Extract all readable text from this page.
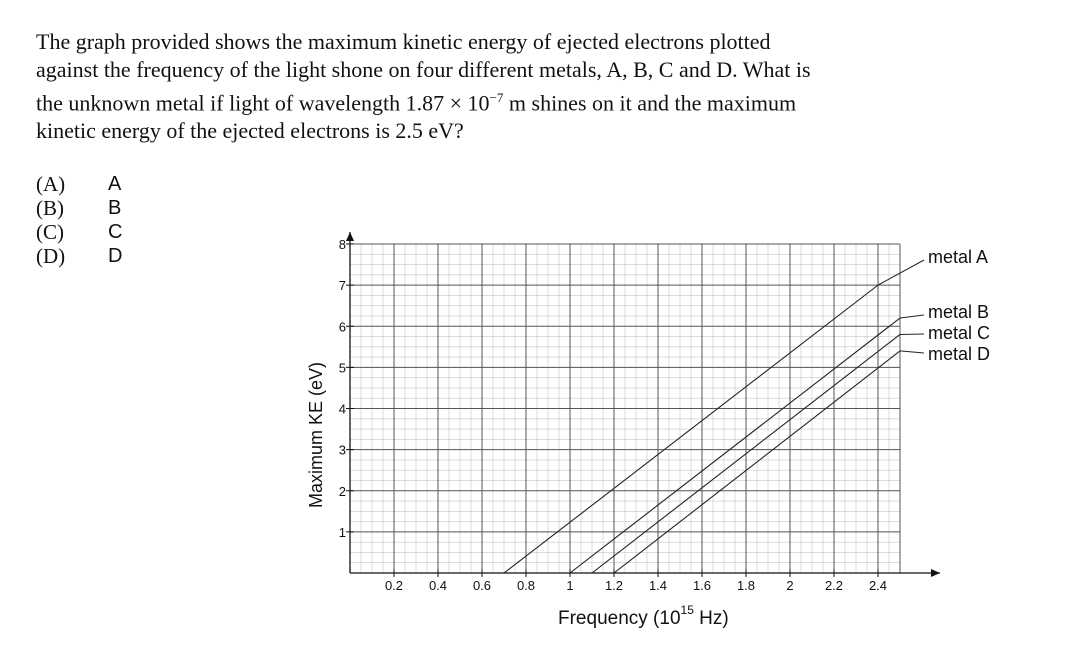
The graph provided shows the maximum kinetic energy of ejected electrons plotted
against the frequency of the light shone on four different metals, A, B, C and D. What is
the unknown metal if light of wavelength $1.87 \times 10^{-7}$ m shines on it and the maximum
kinetic energy of the ejected electrons is 2.5 eV?
(A)	A
(B)	B
(C)	C
(D)	D
0.2 0.4 0.6 0.8 1 1.2 1.4 1.6 1.8 2 2.2 2.4
1
2
3
4
5
6
7
8
metal A
metal B
metal C
metal D
Maximum KE (eV)
Frequency ($10^{15}$ Hz)
